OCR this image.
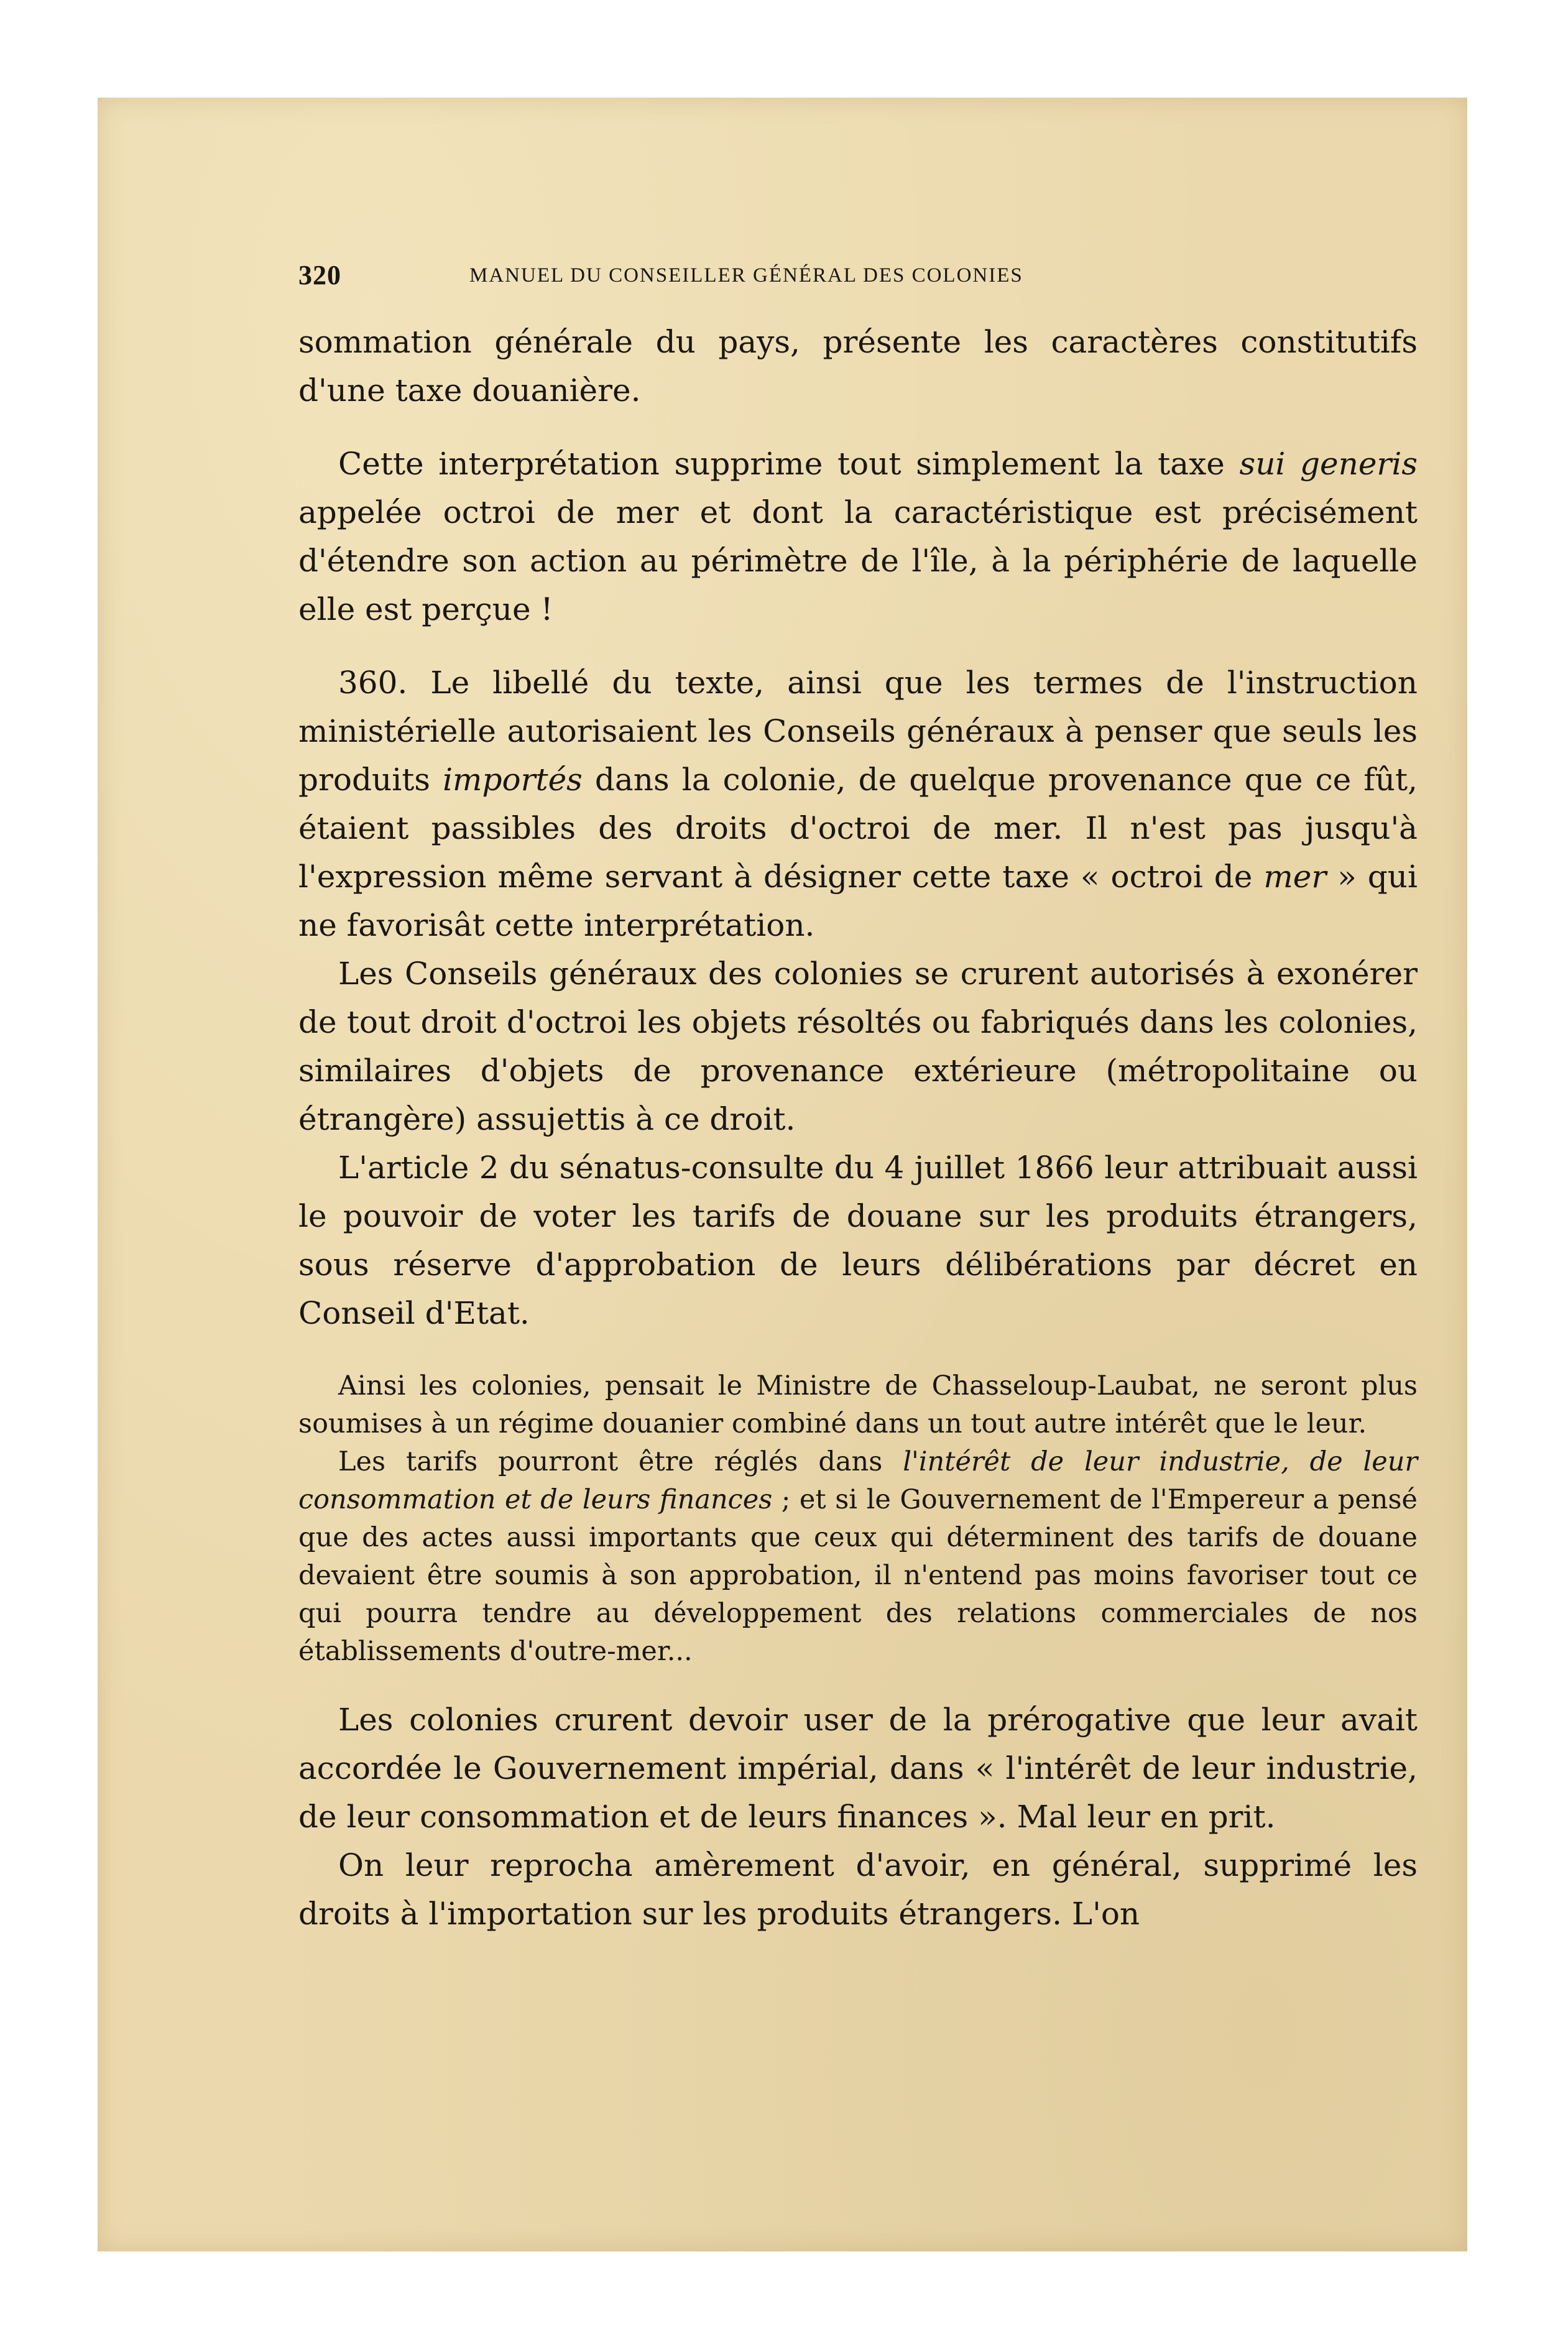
320	MANUEL DU CONSEILLER GÉNÉRAL DES COLONIES

sommation générale du pays, présente les caractères constitutifs d'une taxe douanière.

Cette interprétation supprime tout simplement la taxe sui generis appelée octroi de mer et dont la caractéristique est précisément d'étendre son action au périmètre de l'île, à la périphérie de laquelle elle est perçue !

360. Le libellé du texte, ainsi que les termes de l'instruction ministérielle autorisaient les Conseils généraux à penser que seuls les produits importés dans la colonie, de quelque provenance que ce fût, étaient passibles des droits d'octroi de mer. Il n'est pas jusqu'à l'expression même servant à désigner cette taxe « octroi de mer » qui ne favorisât cette interprétation.

Les Conseils généraux des colonies se crurent autorisés à exonérer de tout droit d'octroi les objets résoltés ou fabriqués dans les colonies, similaires d'objets de provenance extérieure (métropolitaine ou étrangère) assujettis à ce droit.

L'article 2 du sénatus-consulte du 4 juillet 1866 leur attribuait aussi le pouvoir de voter les tarifs de douane sur les produits étrangers, sous réserve d'approbation de leurs délibérations par décret en Conseil d'Etat.

Ainsi les colonies, pensait le Ministre de Chasseloup-Laubat, ne seront plus soumises à un régime douanier combiné dans un tout autre intérêt que le leur.

Les tarifs pourront être réglés dans l'intérêt de leur industrie, de leur consommation et de leurs finances ; et si le Gouvernement de l'Empereur a pensé que des actes aussi importants que ceux qui déterminent des tarifs de douane devaient être soumis à son approbation, il n'entend pas moins favoriser tout ce qui pourra tendre au développement des relations commerciales de nos établissements d'outre-mer...

Les colonies crurent devoir user de la prérogative que leur avait accordée le Gouvernement impérial, dans « l'intérêt de leur industrie, de leur consommation et de leurs finances ». Mal leur en prit.

On leur reprocha amèrement d'avoir, en général, supprimé les droits à l'importation sur les produits étrangers. L'on
